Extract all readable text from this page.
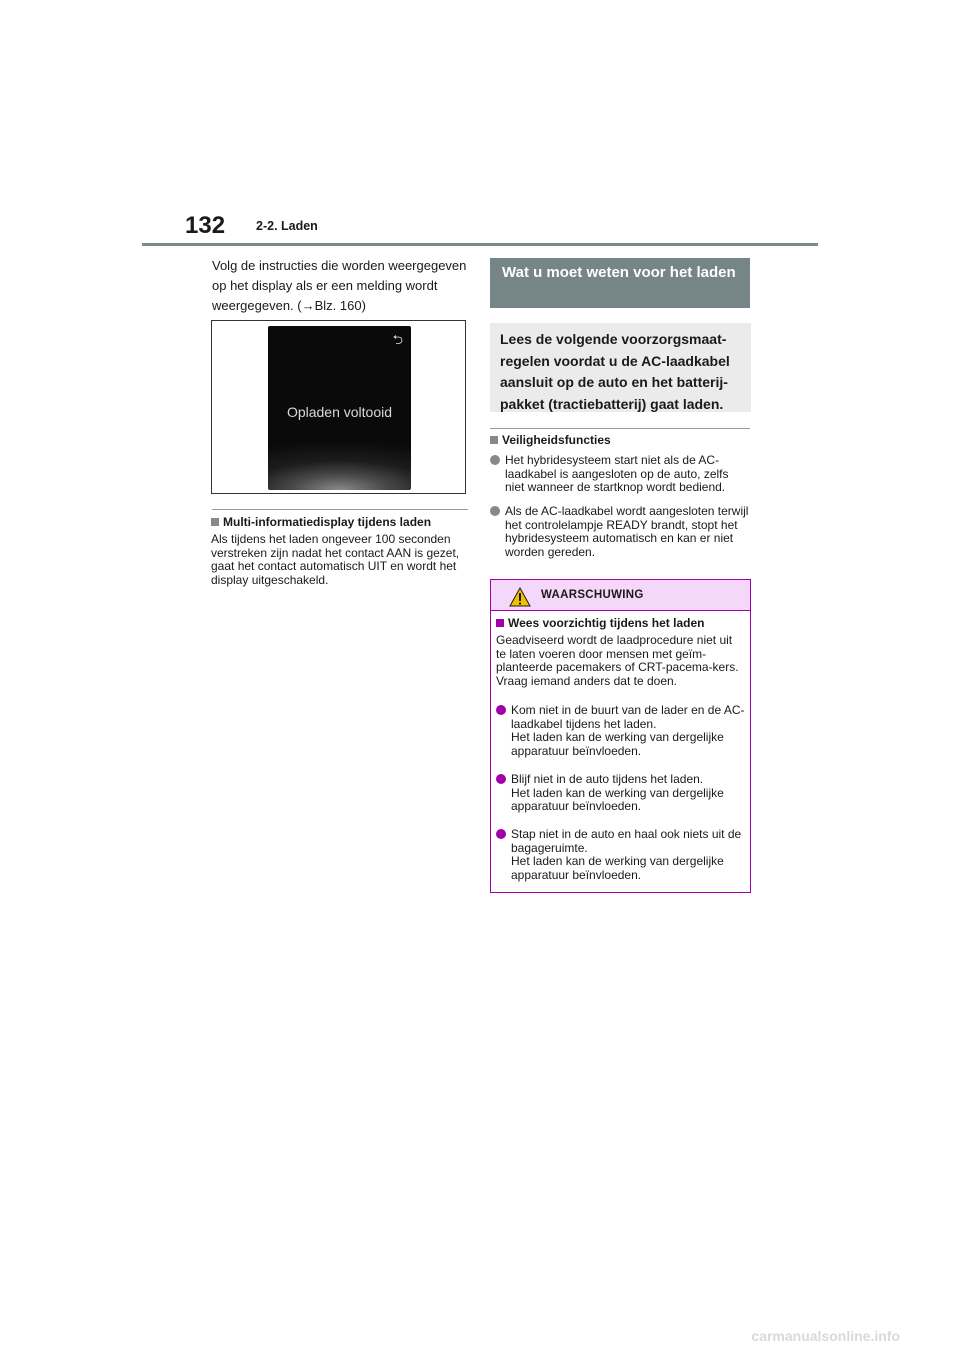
132 2-2. Laden
Volg de instructies die worden weergegeven op het display als er een melding wordt weergegeven. (→Blz. 160)
⮌
Opladen voltooid
Multi-informatiedisplay tijdens laden
Als tijdens het laden ongeveer 100 seconden verstreken zijn nadat het contact AAN is gezet, gaat het contact automatisch UIT en wordt het display uitgeschakeld.
Wat u moet weten voor het laden
Lees de volgende voorzorgsmaat-regelen voordat u de AC-laadkabel aansluit op de auto en het batterij-pakket (tractiebatterij) gaat laden.
Veiligheidsfuncties
Het hybridesysteem start niet als de AC-laadkabel is aangesloten op de auto, zelfs niet wanneer de startknop wordt bediend.
Als de AC-laadkabel wordt aangesloten terwijl het controlelampje READY brandt, stopt het hybridesysteem automatisch en kan er niet worden gereden.
WAARSCHUWING
Wees voorzichtig tijdens het laden
Geadviseerd wordt de laadprocedure niet uit te laten voeren door mensen met geïm-planteerde pacemakers of CRT-pacema-kers. Vraag iemand anders dat te doen.
Kom niet in de buurt van de lader en de AC-laadkabel tijdens het laden.
Het laden kan de werking van dergelijke apparatuur beïnvloeden.
Blijf niet in de auto tijdens het laden.
Het laden kan de werking van dergelijke apparatuur beïnvloeden.
Stap niet in de auto en haal ook niets uit de bagageruimte.
Het laden kan de werking van dergelijke apparatuur beïnvloeden.
carmanualsonline.info
